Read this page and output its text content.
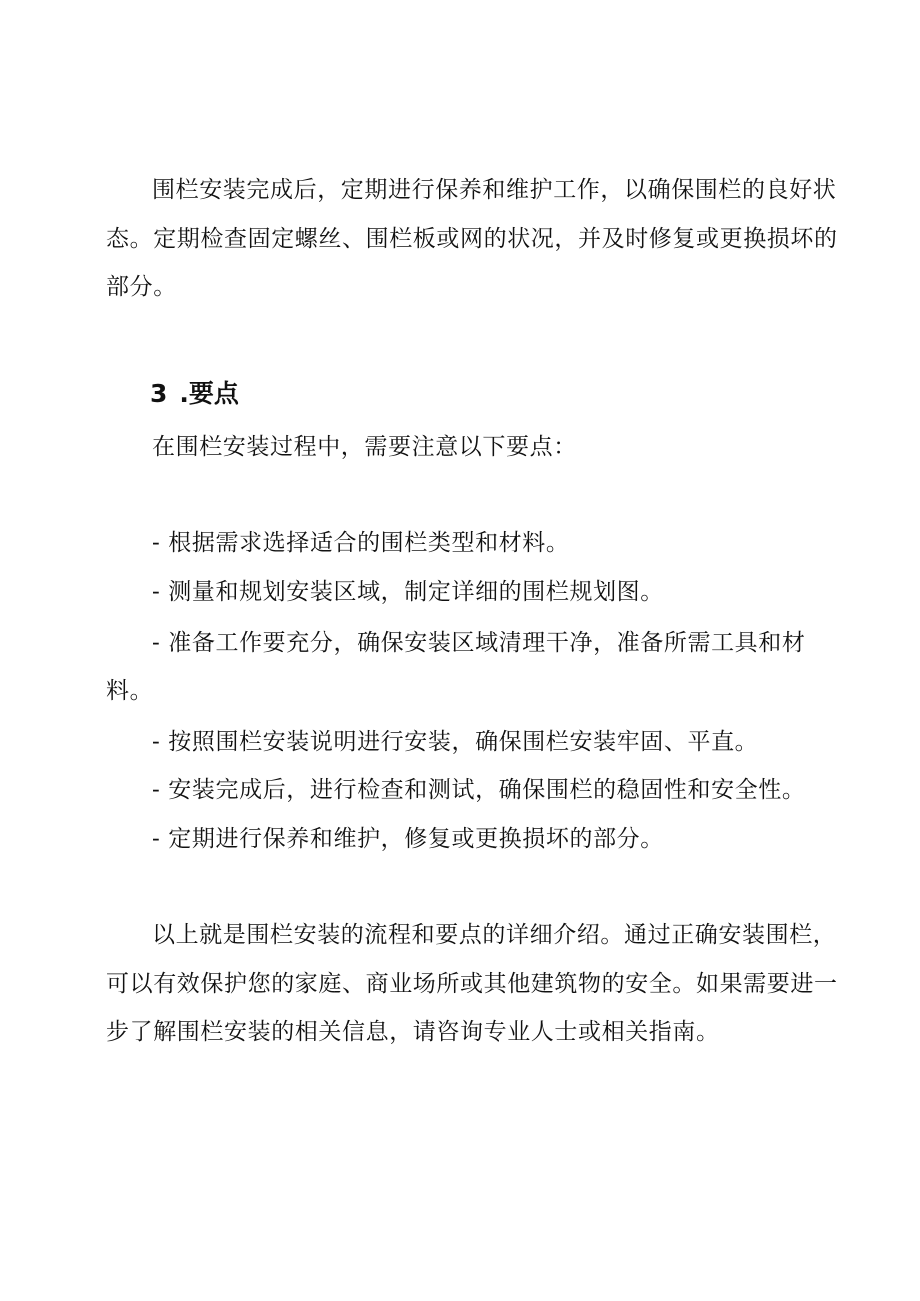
围栏安装完成后，定期进行保养和维护工作，以确保围栏的良好状
态。定期检查固定螺丝、围栏板或网的状况，并及时修复或更换损坏的
部分。
3 .要点
在围栏安装过程中，需要注意以下要点：
- 根据需求选择适合的围栏类型和材料。
- 测量和规划安装区域，制定详细的围栏规划图。
- 准备工作要充分，确保安装区域清理干净，准备所需工具和材
料。
- 按照围栏安装说明进行安装，确保围栏安装牢固、平直。
- 安装完成后，进行检查和测试，确保围栏的稳固性和安全性。
- 定期进行保养和维护，修复或更换损坏的部分。
以上就是围栏安装的流程和要点的详细介绍。通过正确安装围栏，
可以有效保护您的家庭、商业场所或其他建筑物的安全。如果需要进一
步了解围栏安装的相关信息，请咨询专业人士或相关指南。
